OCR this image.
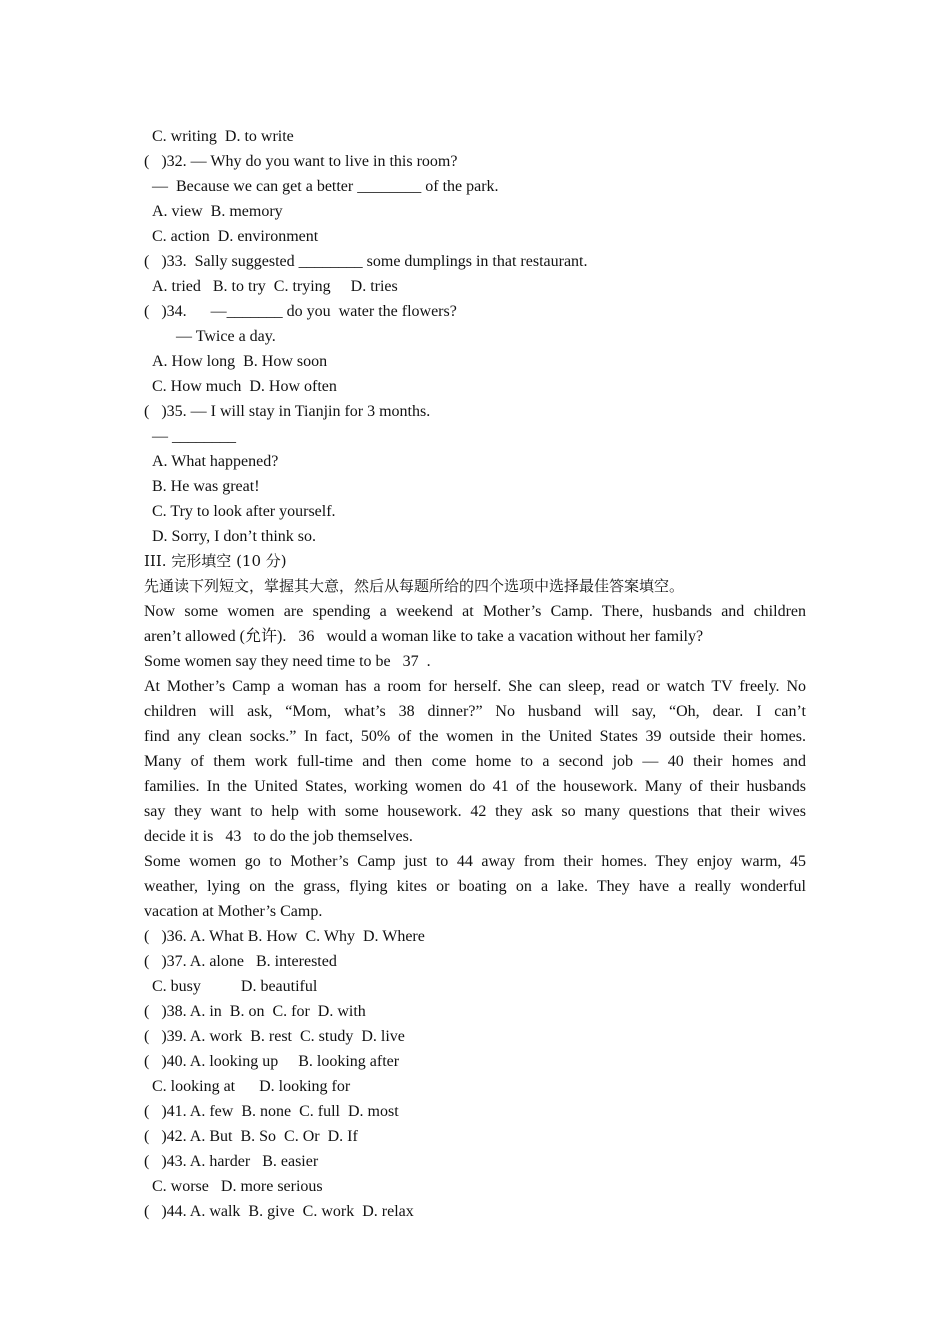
C. writing  D. to write
(   )32. — Why do you want to live in this room?
—  Because we can get a better ________ of the park.
A. view  B. memory
C. action  D. environment
(   )33.  Sally suggested ________ some dumplings in that restaurant.
A. tried   B. to try  C. trying     D. tries
(   )34.      —_______ do you  water the flowers?
— Twice a day.
A. How long  B. How soon
C. How much  D. How often
(   )35. — I will stay in Tianjin for 3 months.
— ________
A. What happened?
B. He was great!
C. Try to look after yourself.
D. Sorry, I don’t think so.
III. 完形填空 (10 分)
先通读下列短文，掌握其大意，然后从每题所给的四个选项中选择最佳答案填空。
Now some women are spending a weekend at Mother’s Camp. There, husbands and children
aren’t allowed (允许).   36   would a woman like to take a vacation without her family?
Some women say they need time to be   37  .
At Mother’s Camp a woman has a room for herself. She can sleep, read or watch TV freely. No
children will ask, “Mom, what’s 38 dinner?” No husband will say, “Oh, dear. I can’t
find any clean socks.” In fact, 50% of the women in the United States 39 outside their homes.
Many of them work full-time and then come home to a second job — 40 their homes and
families. In the United States, working women do 41 of the housework. Many of their husbands
say they want to help with some housework. 42 they ask so many questions that their wives
decide it is   43   to do the job themselves.
Some women go to Mother’s Camp just to 44 away from their homes. They enjoy warm, 45
weather, lying on the grass, flying kites or boating on a lake. They have a really wonderful
vacation at Mother’s Camp.
(   )36. A. What B. How  C. Why  D. Where
(   )37. A. alone   B. interested
C. busy          D. beautiful
(   )38. A. in  B. on  C. for  D. with
(   )39. A. work  B. rest  C. study  D. live
(   )40. A. looking up     B. looking after
C. looking at      D. looking for
(   )41. A. few  B. none  C. full  D. most
(   )42. A. But  B. So  C. Or  D. If
(   )43. A. harder   B. easier
C. worse   D. more serious
(   )44. A. walk  B. give  C. work  D. relax
